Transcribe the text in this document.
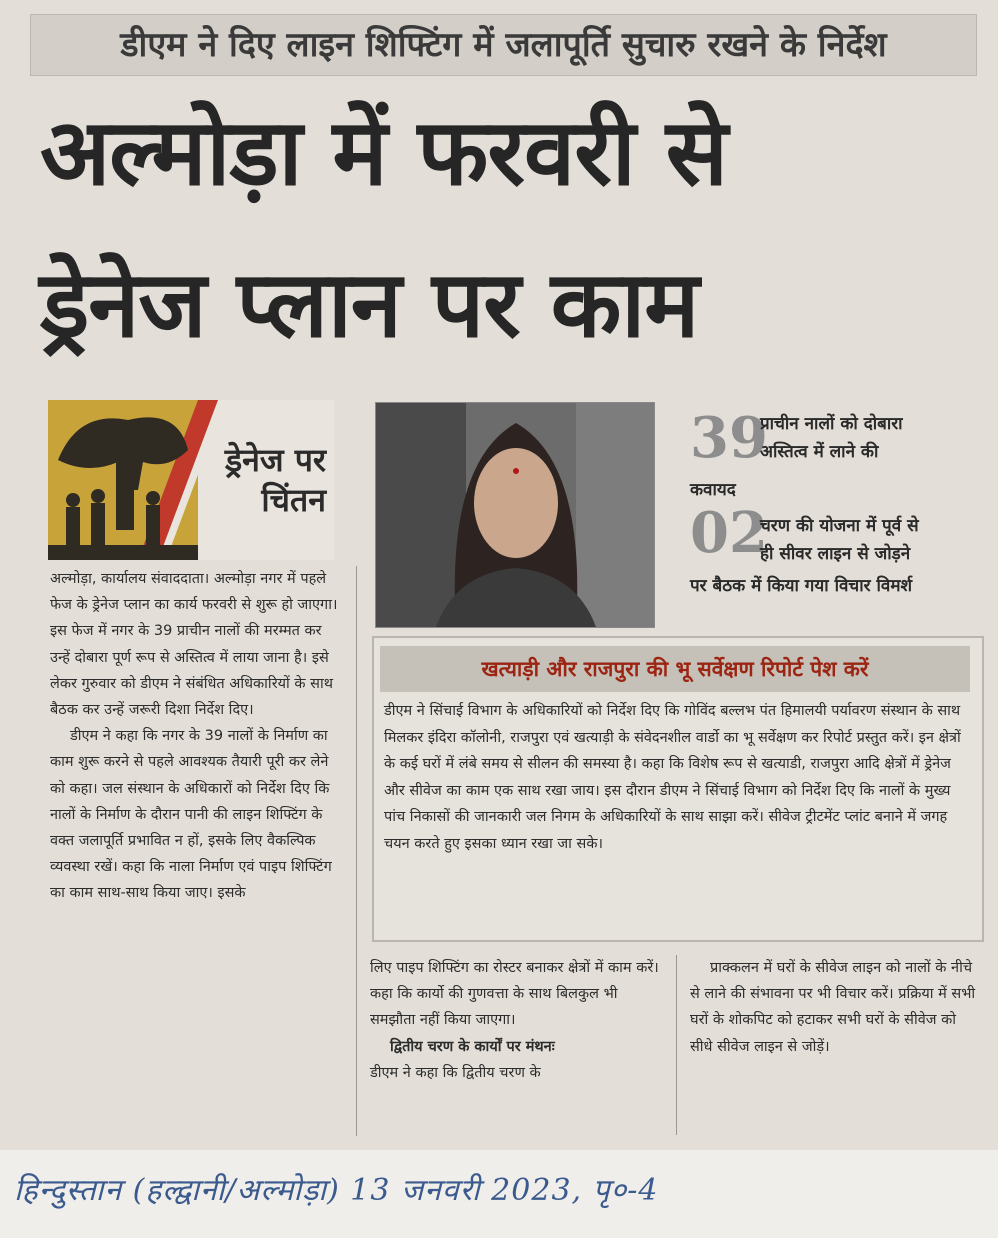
डीएम ने दिए लाइन शिफ्टिंग में जलापूर्ति सुचारु रखने के निर्देश
अल्मोड़ा में फरवरी से
ड्रेनेज प्लान पर काम
ड्रेनेज पर
चिंतन
39
प्राचीन नालों को दोबारा
अस्तित्व में लाने की
कवायद
02
चरण की योजना में पूर्व से
ही सीवर लाइन से जोड़ने
पर बैठक में किया गया विचार विमर्श
खत्याड़ी और राजपुरा की भू सर्वेक्षण रिपोर्ट पेश करें
डीएम ने सिंचाई विभाग के अधिकारियों को निर्देश दिए कि गोविंद बल्लभ पंत हिमालयी पर्यावरण संस्थान के साथ मिलकर इंदिरा कॉलोनी, राजपुरा एवं खत्याड़ी के संवेदनशील वार्डो का भू सर्वेक्षण कर रिपोर्ट प्रस्तुत करें। इन क्षेत्रों के कई घरों में लंबे समय से सीलन की समस्या है। कहा कि विशेष रूप से खत्याडी, राजपुरा आदि क्षेत्रों में ड्रेनेज और सीवेज का काम एक साथ रखा जाय। इस दौरान डीएम ने सिंचाई विभाग को निर्देश दिए कि नालों के मुख्य पांच निकासों की जानकारी जल निगम के अधिकारियों के साथ साझा करें। सीवेज ट्रीटमेंट प्लांट बनाने में जगह चयन करते हुए इसका ध्यान रखा जा सके।

अल्मोड़ा, कार्यालय संवाददाता। अल्मोड़ा नगर में पहले फेज के ड्रेनेज प्लान का कार्य फरवरी से शुरू हो जाएगा। इस फेज में नगर के 39 प्राचीन नालों की मरम्मत कर उन्हें दोबारा पूर्ण रूप से अस्तित्व में लाया जाना है। इसे लेकर गुरुवार को डीएम ने संबंधित अधिकारियों के साथ बैठक कर उन्हें जरूरी दिशा निर्देश दिए।

डीएम ने कहा कि नगर के 39 नालों के निर्माण का काम शुरू करने से पहले आवश्यक तैयारी पूरी कर लेने को कहा। जल संस्थान के अधिकारों को निर्देश दिए कि नालों के निर्माण के दौरान पानी की लाइन शिफ्टिंग के वक्त जलापूर्ति प्रभावित न हों, इसके लिए वैकल्पिक व्यवस्था रखें। कहा कि नाला निर्माण एवं पाइप शिफ्टिंग का काम साथ-साथ किया जाए। इसके

लिए पाइप शिफ्टिंग का रोस्टर बनाकर क्षेत्रों में काम करें। कहा कि कार्यो की गुणवत्ता के साथ बिलकुल भी समझौता नहीं किया जाएगा।

द्वितीय चरण के कार्यों पर मंथनः

डीएम ने कहा कि द्वितीय चरण के

प्राक्कलन में घरों के सीवेज लाइन को नालों के नीचे से लाने की संभावना पर भी विचार करें। प्रक्रिया में सभी घरों के शोकपिट को हटाकर सभी घरों के सीवेज को सीधे सीवेज लाइन से जोड़ें।

हिन्दुस्तान (हल्द्वानी/अल्मोड़ा) 13 जनवरी 2023, पृ०-4
